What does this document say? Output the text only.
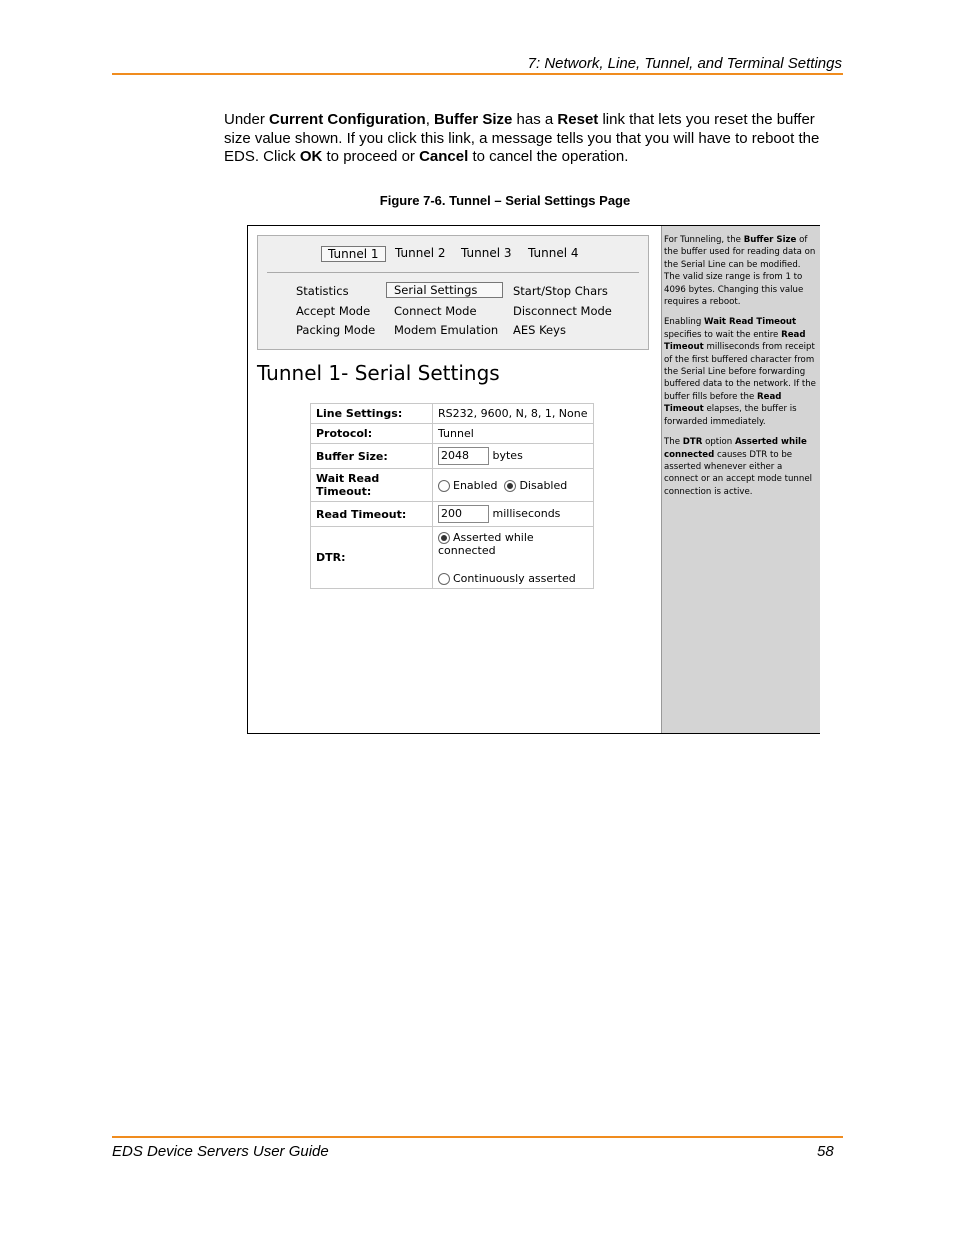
7: Network, Line, Tunnel, and Terminal Settings
Under Current Configuration, Buffer Size has a Reset link that lets you reset the buffer size value shown. If you click this link, a message tells you that you will have to reboot the EDS. Click OK to proceed or Cancel to cancel the operation.
Figure 7-6. Tunnel – Serial Settings Page
Tunnel 1	Tunnel 2 Tunnel 3 Tunnel 4
Statistics	Serial Settings	Start/Stop Chars
Accept Mode Connect Mode	Disconnect Mode
Packing Mode Modem Emulation AES Keys
Tunnel 1- Serial Settings
Line Settings:	RS232, 9600, N, 8, 1, None
Protocol:	Tunnel
Buffer Size:	2048 bytes
Wait Read Timeout:	Enabled Disabled
Read Timeout:	200 milliseconds
DTR:	Asserted while connected
Continuously asserted

For Tunneling, the Buffer Size of the buffer used for reading data on the Serial Line can be modified. The valid size range is from 1 to 4096 bytes. Changing this value requires a reboot.

Enabling Wait Read Timeout specifies to wait the entire Read Timeout milliseconds from receipt of the first buffered character from the Serial Line before forwarding buffered data to the network. If the buffer fills before the Read Timeout elapses, the buffer is forwarded immediately.

The DTR option Asserted while connected causes DTR to be asserted whenever either a connect or an accept mode tunnel connection is active.

EDS Device Servers User Guide	58
